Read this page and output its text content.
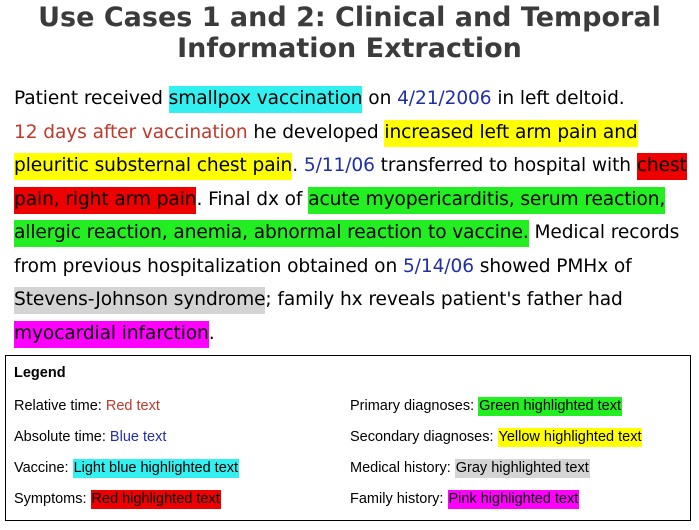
Use Cases 1 and 2: Clinical and Temporal
Information Extraction
Patient received smallpox vaccination on 4/21/2006 in left deltoid.
12 days after vaccination he developed increased left arm pain and pleuritic substernal chest pain. 5/11/06 transferred to hospital with chest pain, right arm pain. Final dx of acute myopericarditis, serum reaction, allergic reaction, anemia, abnormal reaction to vaccine. Medical records from previous hospitalization obtained on 5/14/06 showed PMHx of Stevens-Johnson syndrome; family hx reveals patient's father had myocardial infarction.
Legend
Relative time: Red text
Absolute time: Blue text
Vaccine: Light blue highlighted text
Symptoms: Red highlighted text
Primary diagnoses: Green highlighted text
Secondary diagnoses: Yellow highlighted text
Medical history: Gray highlighted text
Family history: Pink highlighted text
